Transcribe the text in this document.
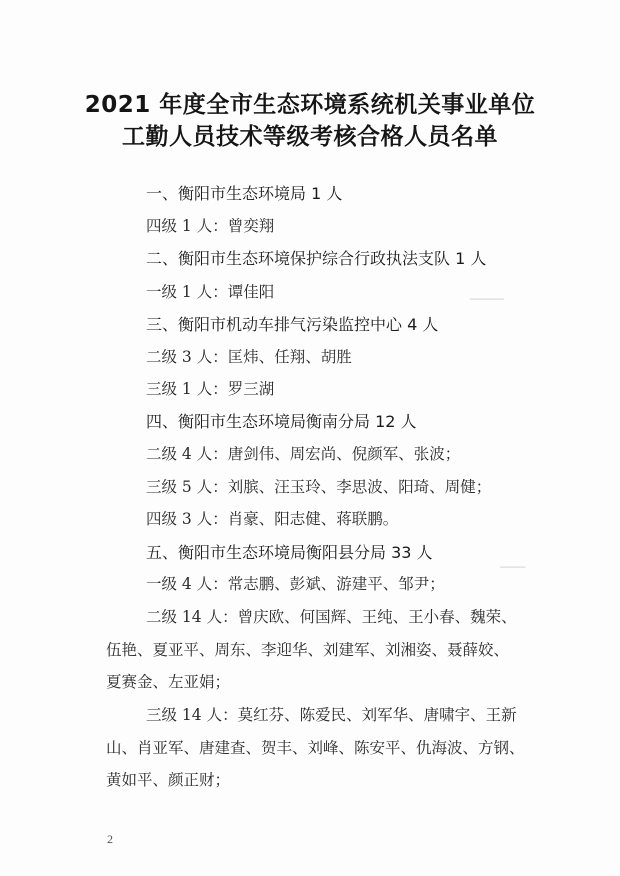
2021 年度全市生态环境系统机关事业单位
工勤人员技术等级考核合格人员名单
────
───
一、衡阳市生态环境局 1 人
四级 1 人：曾奕翔
二、衡阳市生态环境保护综合行政执法支队 1 人
一级 1 人：谭佳阳
三、衡阳市机动车排气污染监控中心 4 人
二级 3 人：匡炜、任翔、胡胜
三级 1 人：罗三湖
四、衡阳市生态环境局衡南分局 12 人
二级 4 人：唐剑伟、周宏尚、倪颜军、张波；
三级 5 人：刘膑、汪玉玲、李思波、阳琦、周健；
四级 3 人：肖豪、阳志健、蒋联鹏。
五、衡阳市生态环境局衡阳县分局 33 人
一级 4 人：常志鹏、彭斌、游建平、邹尹；
二级 14 人：曾庆欧、何国辉、王纯、王小春、魏荣、
伍艳、夏亚平、周东、李迎华、刘建军、刘湘姿、聂薛姣、
夏赛金、左亚娟；
三级 14 人：莫红芬、陈爱民、刘军华、唐啸宇、王新
山、肖亚军、唐建查、贺丰、刘峰、陈安平、仇海波、方钢、
黄如平、颜正财；
2
